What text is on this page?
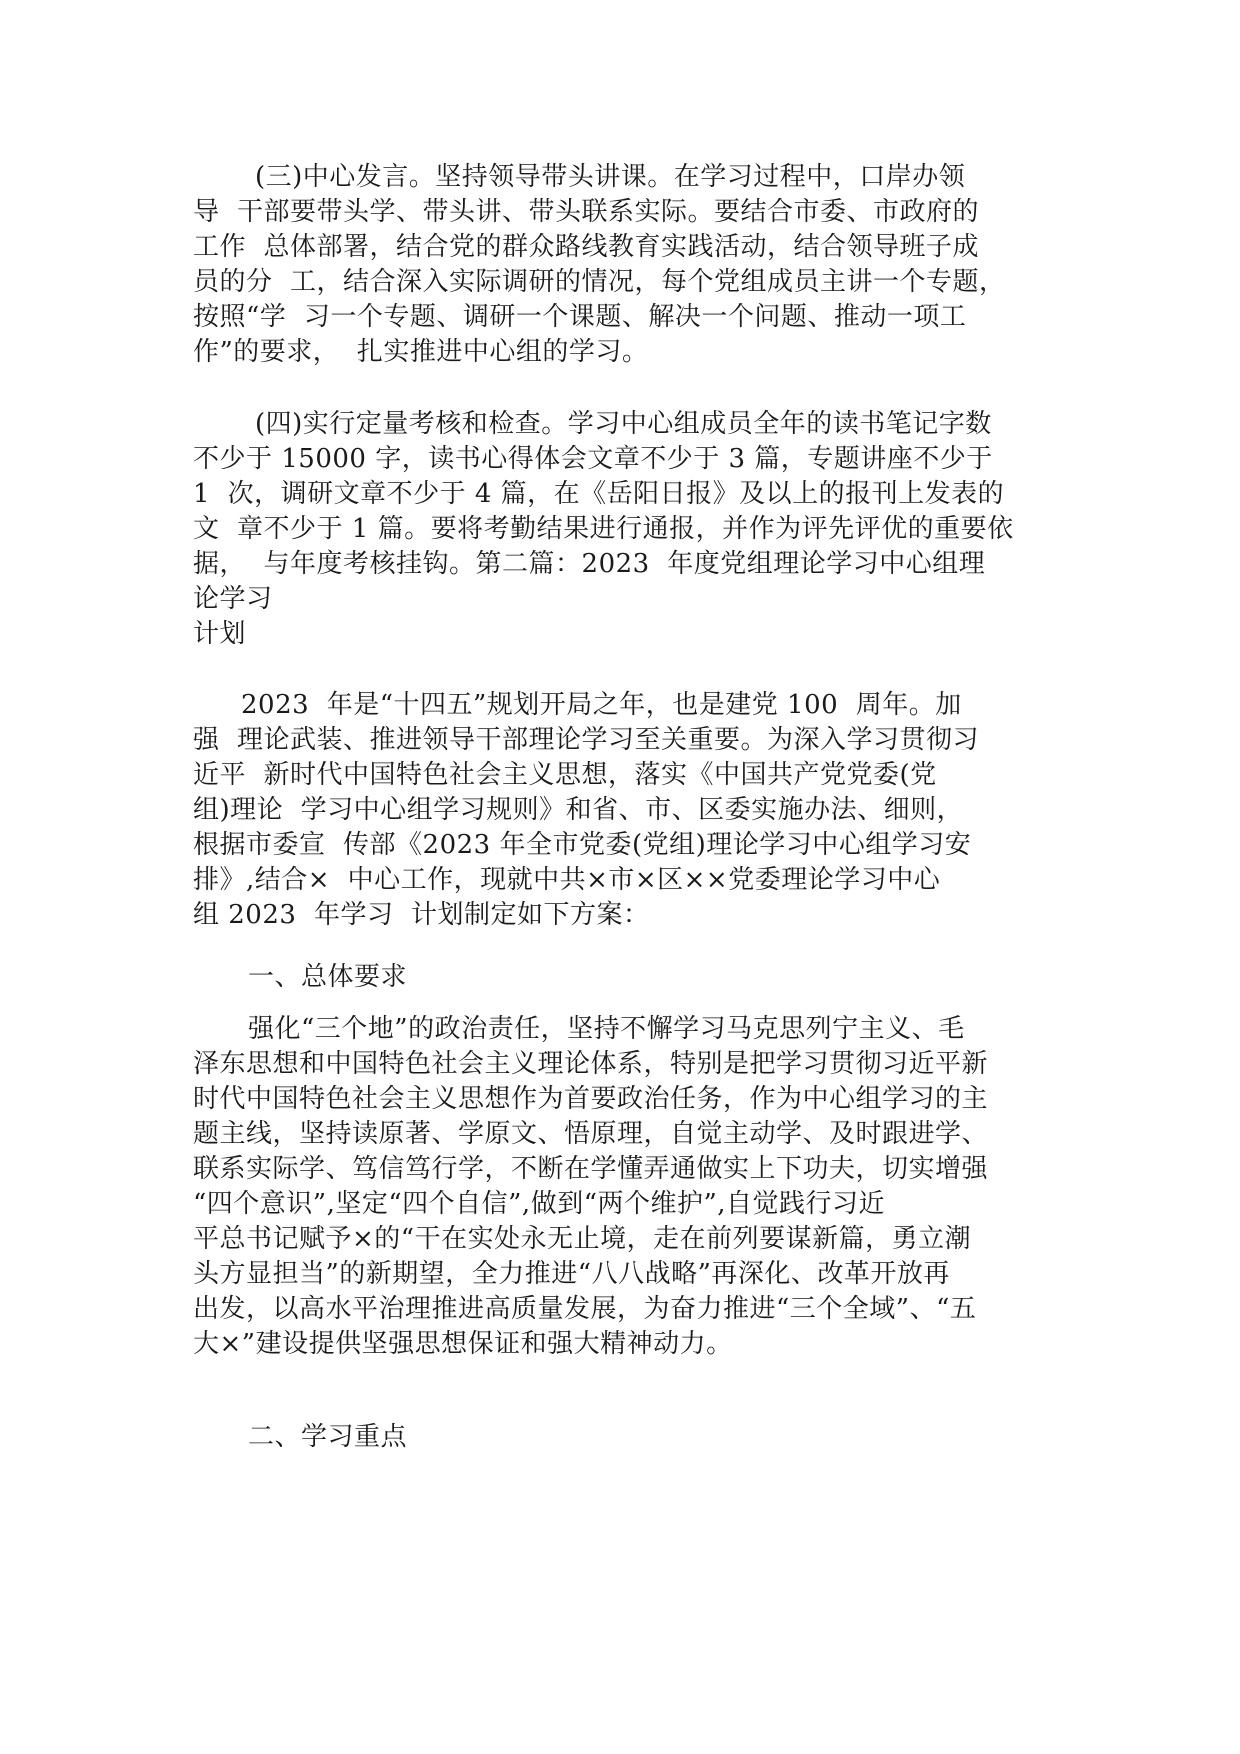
(三)中心发言。坚持领导带头讲课。在学习过程中，口岸办领
导  干部要带头学、带头讲、带头联系实际。要结合市委、市政府的
工作  总体部署，结合党的群众路线教育实践活动，结合领导班子成
员的分  工，结合深入实际调研的情况，每个党组成员主讲一个专题，
按照“学  习一个专题、调研一个课题、解决一个问题、推动一项工
作”的要求，  扎实推进中心组的学习。
(四)实行定量考核和检查。学习中心组成员全年的读书笔记字数
不少于 15000 字，读书心得体会文章不少于 3 篇，专题讲座不少于
1  次，调研文章不少于 4 篇，在《岳阳日报》及以上的报刊上发表的
文  章不少于 1 篇。要将考勤结果进行通报，并作为评先评优的重要依
据，  与年度考核挂钩。第二篇：2023  年度党组理论学习中心组理
论学习
计划
2023  年是“十四五”规划开局之年，也是建党 100  周年。加
强  理论武装、推进领导干部理论学习至关重要。为深入学习贯彻习
近平  新时代中国特色社会主义思想，落实《中国共产党党委(党
组)理论  学习中心组学习规则》和省、市、区委实施办法、细则，
根据市委宣  传部《2023 年全市党委(党组)理论学习中心组学习安
排》,结合×  中心工作，现就中共×市×区××党委理论学习中心
组 2023  年学习  计划制定如下方案：
一、总体要求
强化“三个地”的政治责任，坚持不懈学习马克思列宁主义、毛
泽东思想和中国特色社会主义理论体系，特别是把学习贯彻习近平新
时代中国特色社会主义思想作为首要政治任务，作为中心组学习的主
题主线，坚持读原著、学原文、悟原理，自觉主动学、及时跟进学、
联系实际学、笃信笃行学，不断在学懂弄通做实上下功夫，切实增强
“四个意识”,坚定“四个自信”,做到“两个维护”,自觉践行习近
平总书记赋予×的“干在实处永无止境，走在前列要谋新篇，勇立潮
头方显担当”的新期望，全力推进“八八战略”再深化、改革开放再
出发，以高水平治理推进高质量发展，为奋力推进“三个全域”、“五
大×”建设提供坚强思想保证和强大精神动力。
二、学习重点
